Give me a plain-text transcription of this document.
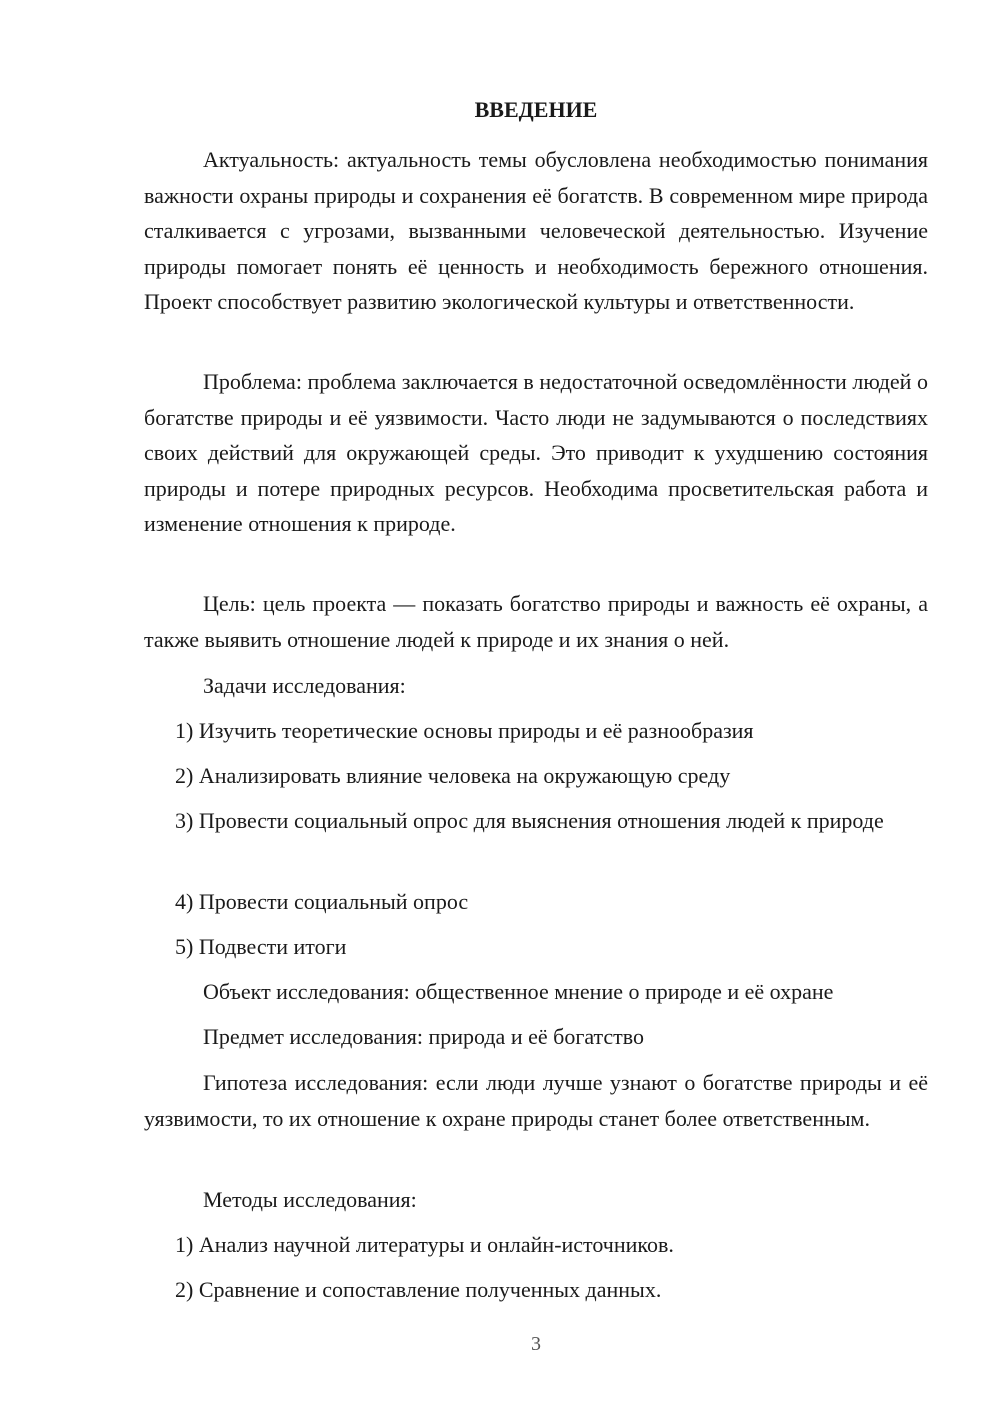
ВВЕДЕНИЕ

Актуальность: актуальность темы обусловлена необходимостью понимания важности охраны природы и сохранения её богатств. В современном мире природа сталкивается с угрозами, вызванными человеческой деятельностью. Изучение природы помогает понять её ценность и необходимость бережного отношения. Проект способствует развитию экологической культуры и ответственности.

Проблема: проблема заключается в недостаточной осведомлённости людей о богатстве природы и её уязвимости. Часто люди не задумываются о последствиях своих действий для окружающей среды. Это приводит к ухудшению состояния природы и потере природных ресурсов. Необходима просветительская работа и изменение отношения к природе.

Цель: цель проекта — показать богатство природы и важность её охраны, а также выявить отношение людей к природе и их знания о ней.

Задачи исследования:

1) Изучить теоретические основы природы и её разнообразия

2) Анализировать влияние человека на окружающую среду

3) Провести социальный опрос для выяснения отношения людей к природе

4) Провести социальный опрос

5) Подвести итоги

Объект исследования: общественное мнение о природе и её охране

Предмет исследования: природа и её богатство

Гипотеза исследования: если люди лучше узнают о богатстве природы и её уязвимости, то их отношение к охране природы станет более ответственным.

Методы исследования:

1) Анализ научной литературы и онлайн-источников.

2) Сравнение и сопоставление полученных данных.

3
